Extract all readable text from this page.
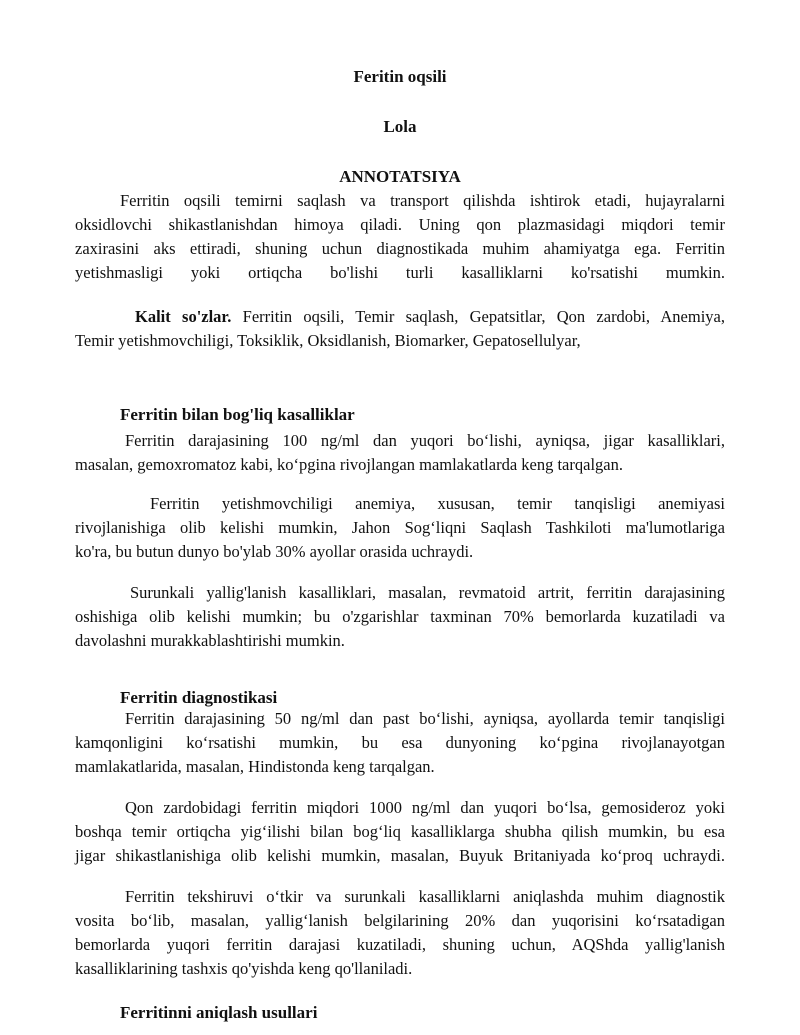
Feritin oqsili
Lola
ANNOTATSIYA
Ferritin oqsili temirni saqlash va transport qilishda ishtirok etadi, hujayralarni
oksidlovchi shikastlanishdan himoya qiladi. Uning qon plazmasidagi miqdori temir
zaxirasini aks ettiradi, shuning uchun diagnostikada muhim ahamiyatga ega. Ferritin
yetishmasligi yoki ortiqcha bo'lishi turli kasalliklarni ko'rsatishi mumkin.
Kalit so'zlar. Ferritin oqsili, Temir saqlash, Gepatsitlar, Qon zardobi, Anemiya,
Temir yetishmovchiligi, Toksiklik, Oksidlanish, Biomarker, Gepatosellulyar,
Ferritin bilan bog'liq kasalliklar
Ferritin darajasining 100 ng/ml dan yuqori boʻlishi, ayniqsa, jigar kasalliklari,
masalan, gemoxromatoz kabi, koʻpgina rivojlangan mamlakatlarda keng tarqalgan.
Ferritin yetishmovchiligi anemiya, xususan, temir tanqisligi anemiyasi
rivojlanishiga olib kelishi mumkin, Jahon Sogʻliqni Saqlash Tashkiloti ma'lumotlariga
ko'ra, bu butun dunyo bo'ylab 30% ayollar orasida uchraydi.
Surunkali yallig'lanish kasalliklari, masalan, revmatoid artrit, ferritin darajasining
oshishiga olib kelishi mumkin; bu o'zgarishlar taxminan 70% bemorlarda kuzatiladi va
davolashni murakkablashtirishi mumkin.
Ferritin diagnostikasi
Ferritin darajasining 50 ng/ml dan past boʻlishi, ayniqsa, ayollarda temir tanqisligi
kamqonligini koʻrsatishi mumkin, bu esa dunyoning koʻpgina rivojlanayotgan
mamlakatlarida, masalan, Hindistonda keng tarqalgan.
Qon zardobidagi ferritin miqdori 1000 ng/ml dan yuqori boʻlsa, gemosideroz yoki
boshqa temir ortiqcha yigʻilishi bilan bogʻliq kasalliklarga shubha qilish mumkin, bu esa
jigar shikastlanishiga olib kelishi mumkin, masalan, Buyuk Britaniyada koʻproq uchraydi.
Ferritin tekshiruvi oʻtkir va surunkali kasalliklarni aniqlashda muhim diagnostik
vosita boʻlib, masalan, yalligʻlanish belgilarining 20% dan yuqorisini koʻrsatadigan
bemorlarda yuqori ferritin darajasi kuzatiladi, shuning uchun, AQShda yallig'lanish
kasalliklarining tashxis qo'yishda keng qo'llaniladi.
Ferritinni aniqlash usullari
